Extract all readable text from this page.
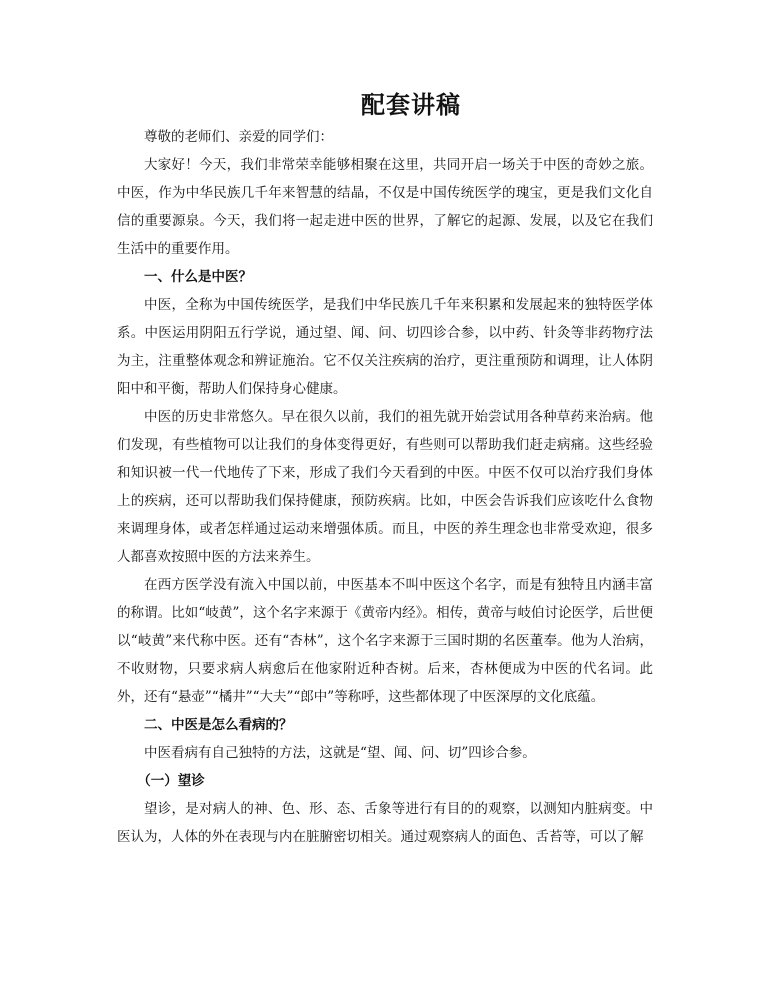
配套讲稿

尊敬的老师们、亲爱的同学们：

大家好！今天，我们非常荣幸能够相聚在这里，共同开启一场关于中医的奇妙之旅。中医，作为中华民族几千年来智慧的结晶，不仅是中国传统医学的瑰宝，更是我们文化自信的重要源泉。今天，我们将一起走进中医的世界，了解它的起源、发展，以及它在我们生活中的重要作用。

一、什么是中医？

中医，全称为中国传统医学，是我们中华民族几千年来积累和发展起来的独特医学体系。中医运用阴阳五行学说，通过望、闻、问、切四诊合参，以中药、针灸等非药物疗法为主，注重整体观念和辨证施治。它不仅关注疾病的治疗，更注重预防和调理，让人体阴阳中和平衡，帮助人们保持身心健康。

中医的历史非常悠久。早在很久以前，我们的祖先就开始尝试用各种草药来治病。他们发现，有些植物可以让我们的身体变得更好，有些则可以帮助我们赶走病痛。这些经验和知识被一代一代地传了下来，形成了我们今天看到的中医。中医不仅可以治疗我们身体上的疾病，还可以帮助我们保持健康，预防疾病。比如，中医会告诉我们应该吃什么食物来调理身体，或者怎样通过运动来增强体质。而且，中医的养生理念也非常受欢迎，很多人都喜欢按照中医的方法来养生。

在西方医学没有流入中国以前，中医基本不叫中医这个名字，而是有独特且内涵丰富的称谓。比如“岐黄”，这个名字来源于《黄帝内经》。相传，黄帝与岐伯讨论医学，后世便以“岐黄”来代称中医。还有“杏林”，这个名字来源于三国时期的名医董奉。他为人治病，不收财物，只要求病人病愈后在他家附近种杏树。后来，杏林便成为中医的代名词。此外，还有“悬壶”“橘井”“大夫”“郎中”等称呼，这些都体现了中医深厚的文化底蕴。

二、中医是怎么看病的？

中医看病有自己独特的方法，这就是“望、闻、问、切”四诊合参。

（一）望诊

望诊，是对病人的神、色、形、态、舌象等进行有目的的观察，以测知内脏病变。中医认为，人体的外在表现与内在脏腑密切相关。通过观察病人的面色、舌苔等，可以了解
